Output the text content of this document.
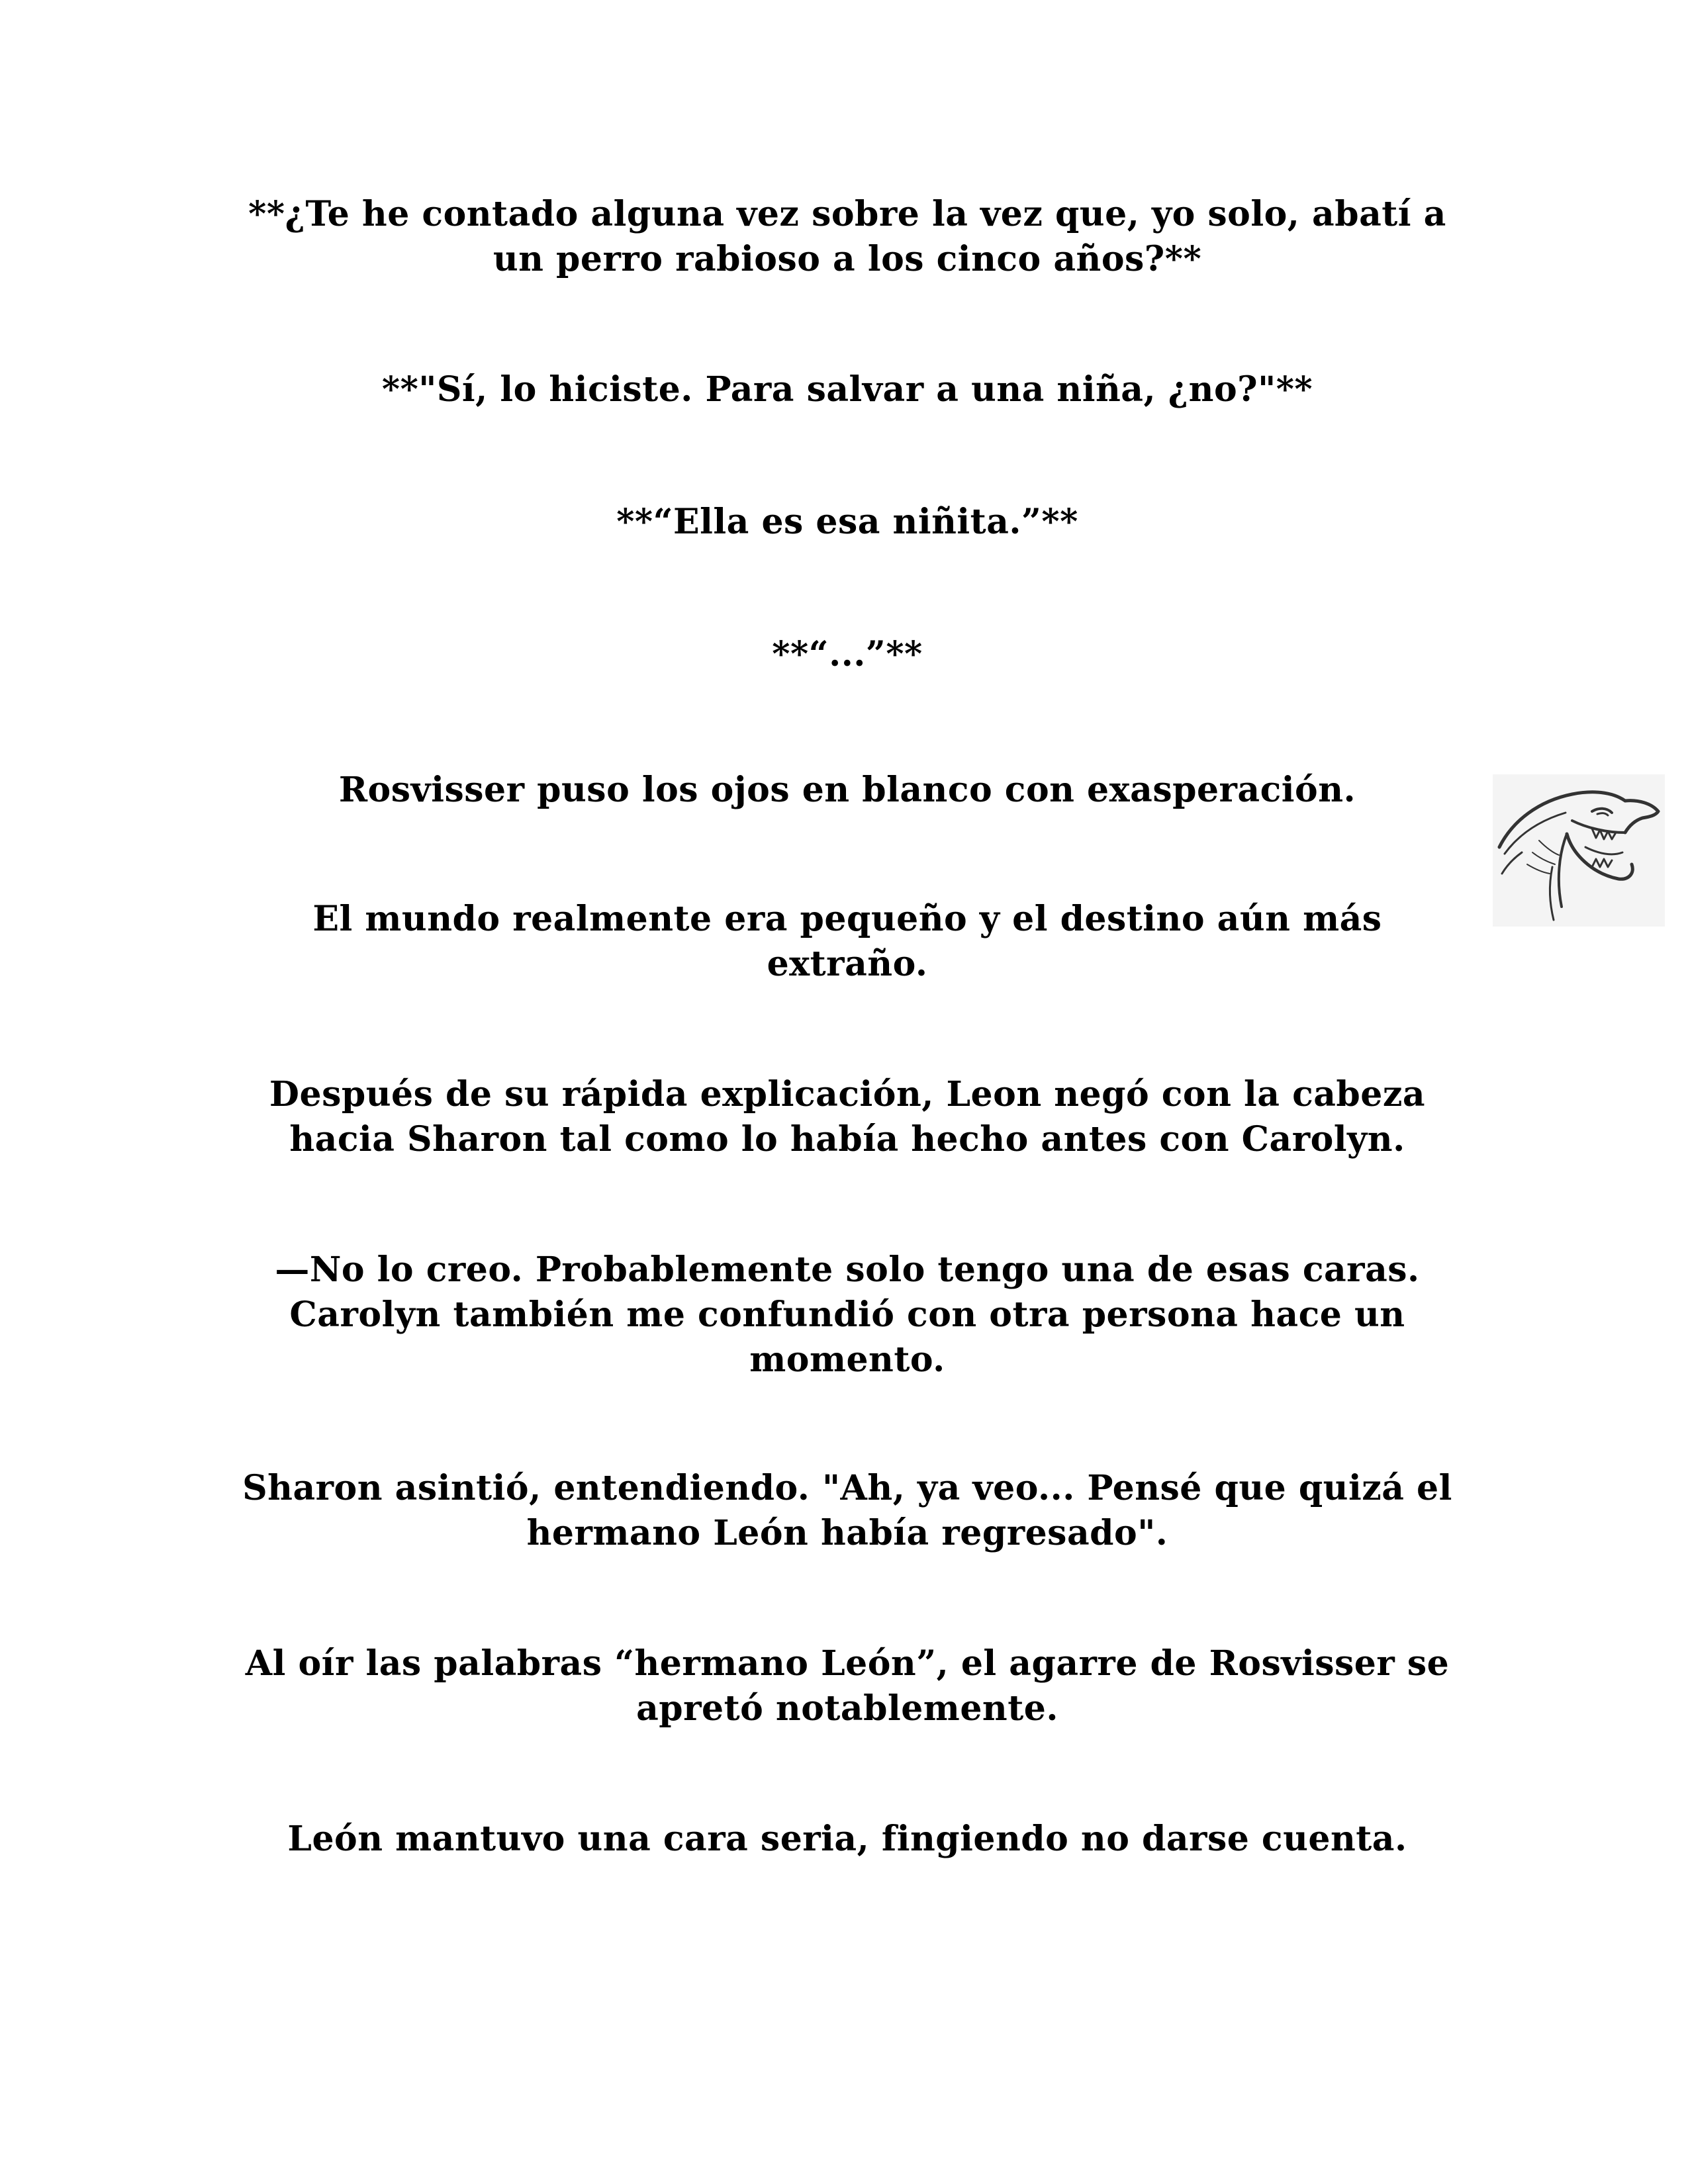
**¿Te he contado alguna vez sobre la vez que, yo solo, abatí a
un perro rabioso a los cinco años?**

**"Sí, lo hiciste. Para salvar a una niña, ¿no?"**

**“Ella es esa niñita.”**

**“...”**

Rosvisser puso los ojos en blanco con exasperación.

El mundo realmente era pequeño y el destino aún más
extraño.

Después de su rápida explicación, Leon negó con la cabeza
hacia Sharon tal como lo había hecho antes con Carolyn.

—No lo creo. Probablemente solo tengo una de esas caras.
Carolyn también me confundió con otra persona hace un
momento.

Sharon asintió, entendiendo. "Ah, ya veo... Pensé que quizá el
hermano León había regresado".

Al oír las palabras “hermano León”, el agarre de Rosvisser se
apretó notablemente.

León mantuvo una cara seria, fingiendo no darse cuenta.
